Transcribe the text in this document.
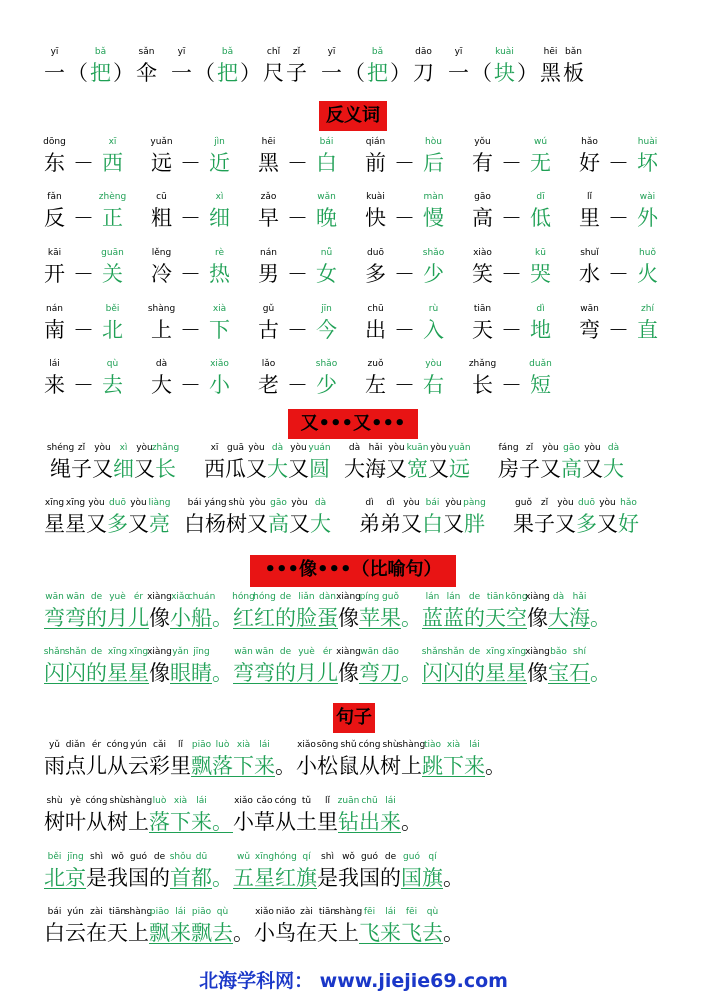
反义词
又•••又•••
•••像•••（比喻句）
句子
yī
一 （
bǎ
把 ）
sǎn
伞
yī
一 （
bǎ
把 ）
chǐ
尺
zǐ
子
yī
一 （
bǎ
把 ）
dāo
刀
yī
一 （
kuài
块 ）
hēi
黑
bǎn
板
dōng
东 －
xī
西
yuǎn
远 －
jìn
近
hēi
黑 －
bái
白
qián
前 －
hòu
后
yǒu
有 －
wú
无
hǎo
好 －
huài
坏
fǎn
反 －
zhèng
正
cū
粗 －
xì
细
zǎo
早 －
wǎn
晚
kuài
快 －
màn
慢
gāo
高 －
dī
低
lǐ
里 －
wài
外
kāi
开 －
guān
关
lěng
冷 －
rè
热
nán
男 －
nǚ
女
duō
多 －
shǎo
少
xiào
笑 －
kū
哭
shuǐ
水 －
huǒ
火
nán
南 －
běi
北
shàng
上 －
xià
下
gǔ
古 －
jīn
今
chū
出 －
rù
入
tiān
天 －
dì
地
wān
弯 －
zhí
直
lái
来 －
qù
去
dà
大 －
xiǎo
小
lǎo
老 －
shǎo
少
zuǒ
左 －
yòu
右
zhǎng
长 －
duǎn
短
shéng
绳
zǐ
子
yòu
又
xì
细
yòu
又
zhǎng
长
xī
西
guā
瓜
yòu
又
dà
大
yòu
又
yuán
圆
dà
大
hǎi
海
yòu
又
kuān
宽
yòu
又
yuǎn
远
fáng
房
zǐ
子
yòu
又
gāo
高
yòu
又
dà
大
xīng
星
xīng
星
yòu
又
duō
多
yòu
又
liàng
亮
bái
白
yáng
杨
shù
树
yòu
又
gāo
高
yòu
又
dà
大
dì
弟
dì
弟
yòu
又
bái
白
yòu
又
pàng
胖
guǒ
果
zǐ
子
yòu
又
duō
多
yòu
又
hǎo
好
wān
弯
wān
弯
de
的
yuè
月
ér
儿
xiàng
像
xiǎo
小
chuán
船 。
hóng
红
hóng
红
de
的
liǎn
脸
dàn
蛋
xiàng
像
píng
苹
guǒ
果 。
lán
蓝
lán
蓝
de
的
tiān
天
kōng
空
xiàng
像
dà
大
hǎi
海 。
shǎn
闪
shǎn
闪
de
的
xīng
星
xīng
星
xiàng
像
yǎn
眼
jīng
睛 。
wān
弯
wān
弯
de
的
yuè
月
ér
儿
xiàng
像
wān
弯
dāo
刀 。
shǎn
闪
shǎn
闪
de
的
xīng
星
xīng
星
xiàng
像
bǎo
宝
shí
石 。
yǔ
雨
diǎn
点
ér
儿
cóng
从
yún
云
cǎi
彩
lǐ
里
piāo
飘
luò
落
xià
下
lái
来 。
xiǎo
小
sōng
松
shǔ
鼠
cóng
从
shù
树
shàng
上
tiào
跳
xià
下
lái
来 。
shù
树
yè
叶
cóng
从
shù
树
shàng
上
luò
落
xià
下
lái
来 。
xiǎo
小
cǎo
草
cóng
从
tǔ
土
lǐ
里
zuān
钻
chū
出
lái
来 。
běi
北
jīng
京
shì
是
wǒ
我
guó
国
de
的
shǒu
首
dū
都 。
wǔ
五
xīng
星
hóng
红
qí
旗
shì
是
wǒ
我
guó
国
de
的
guó
国
qí
旗 。
bái
白
yún
云
zài
在
tiān
天
shàng
上
piāo
飘
lái
来
piāo
飘
qù
去 。
xiǎo
小
niǎo
鸟
zài
在
tiān
天
shàng
上
fēi
飞
lái
来
fēi
飞
qù
去 。
北海学科网： www.jiejie69.com
